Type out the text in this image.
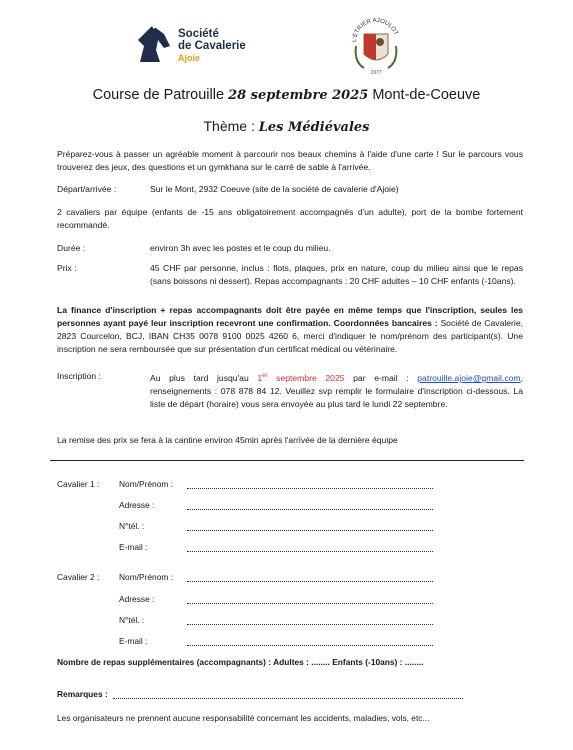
Société
de Cavalerie
Ajoie
L'ETRIER AJOULOT
1977
Course de Patrouille 28 septembre 2025 Mont-de-Coeuve
Thème : Les Médiévales
Préparez-vous à passer un agréable moment à parcourir nos beaux chemins à l'aide d'une carte ! Sur le parcours vous trouverez des jeux, des questions et un gymkhana sur le carré de sable à l'arrivée.
Départ/arrivée :	Sur le Mont, 2932 Coeuve (site de la société de cavalerie d'Ajoie)
2 cavaliers par équipe (enfants de -15 ans obligatoirement accompagnés d'un adulte), port de la bombe fortement recommandé.
Durée :	environ 3h avec les postes et le coup du milieu.
Prix :	45 CHF par personne, inclus : flots, plaques, prix en nature, coup du milieu ainsi que le repas (sans boissons ni dessert). Repas accompagnants : 20 CHF adultes – 10 CHF enfants (-10ans).
La finance d'inscription + repas accompagnants doit être payée en même temps que l'inscription, seules les personnes ayant payé leur inscription recevront une confirmation. Coordonnées bancaires : Société de Cavalerie, 2823 Courcelon, BCJ, IBAN CH35 0078 9100 0025 4260 6, merci d'indiquer le nom/prénom des participant(s). Une inscription ne sera remboursée que sur présentation d'un certificat médical ou vétérinaire.
Inscription :	Au plus tard jusqu'au 1er septembre 2025 par e-mail : patrouille.ajoie@gmail.com, renseignements : 078 878 84 12. Veuillez svp remplir le formulaire d'inscription ci-dessous. La liste de départ (horaire) vous sera envoyée au plus tard le lundi 22 septembre.
La remise des prix se fera à la cantine environ 45min après l'arrivée de la dernière équipe
Cavalier 1 : Nom/Prénom :
Adresse :
N°tél. :
E-mail :
Cavalier 2 : Nom/Prénom :
Adresse :
N°tél. :
E-mail :
Nombre de repas supplémentaires (accompagnants) : Adultes : ........ Enfants (-10ans) : ........
Remarques :
Les organisateurs ne prennent aucune responsabilité concernant les accidents, maladies, vols, etc...
